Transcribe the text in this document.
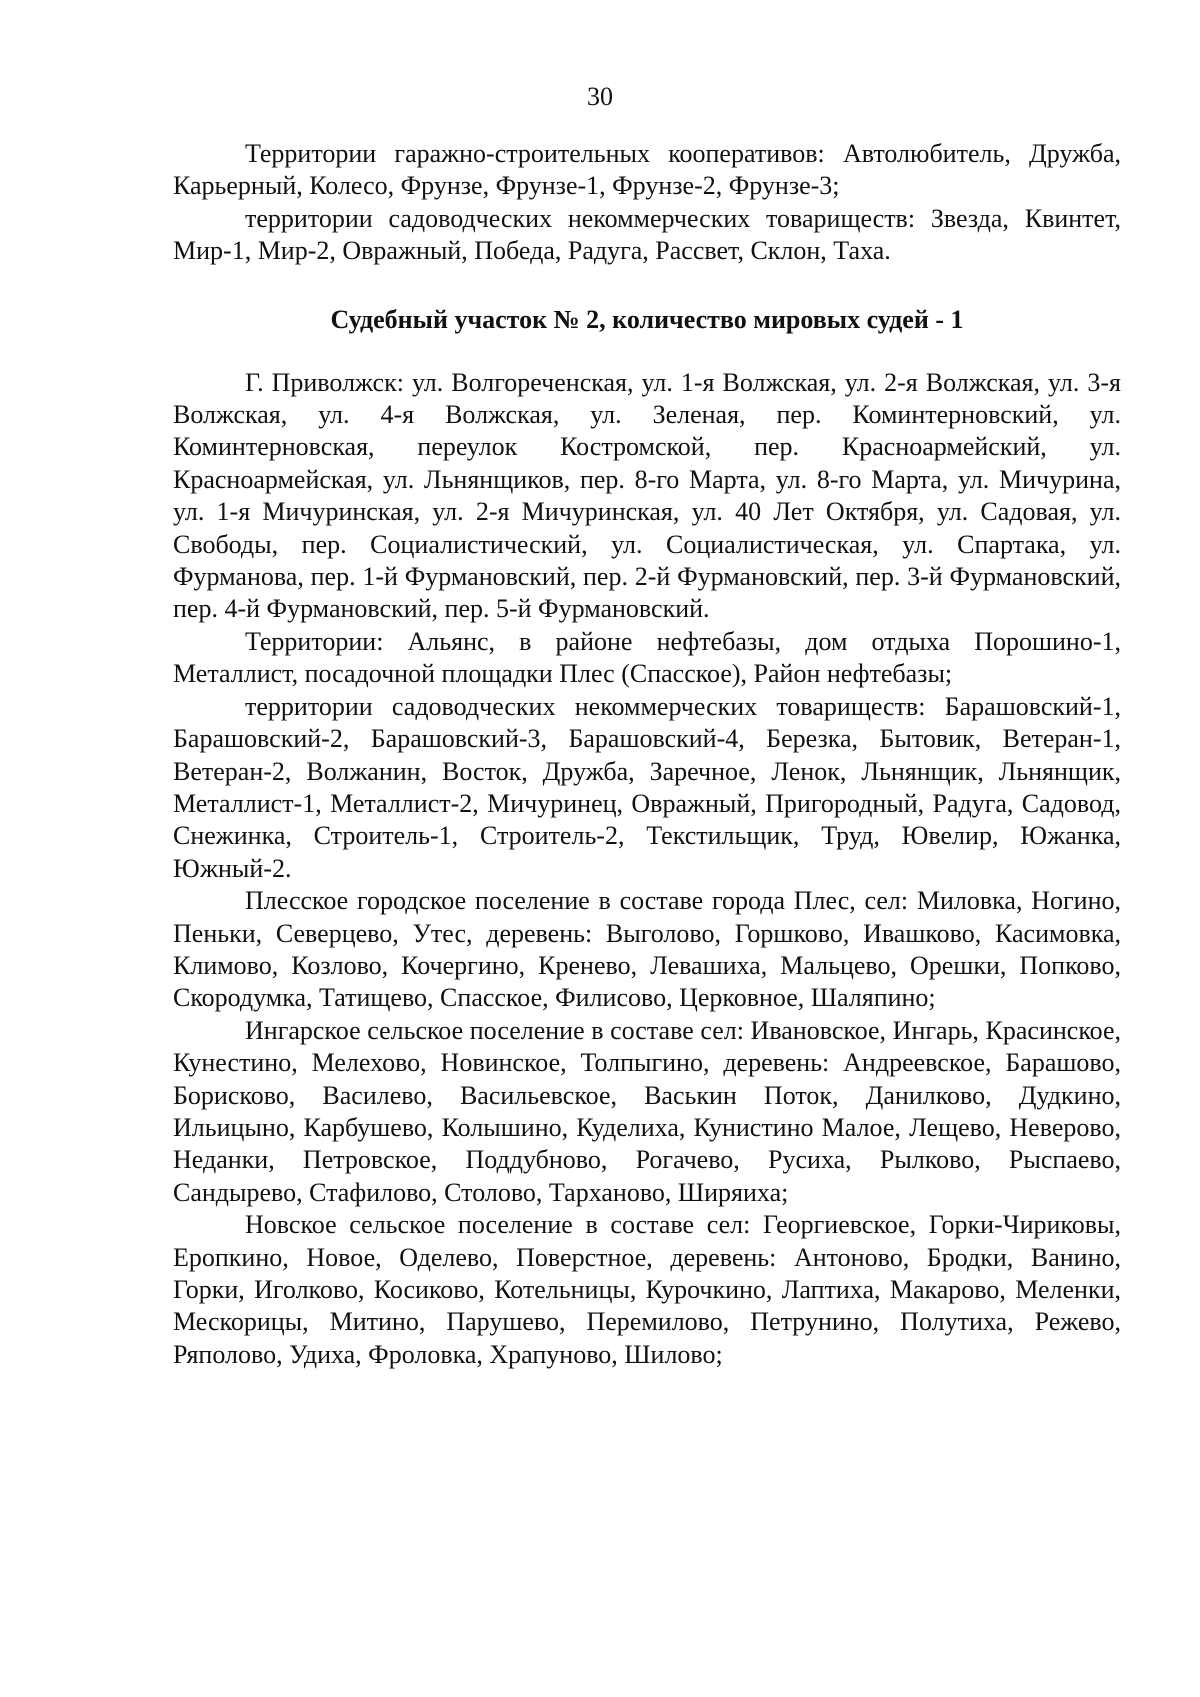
30

Территории гаражно-строительных кооперативов: Автолюбитель, Дружба, Карьерный, Колесо, Фрунзе, Фрунзе-1, Фрунзе-2, Фрунзе-3;

территории садоводческих некоммерческих товариществ: Звезда, Квинтет, Мир-1, Мир-2, Овражный, Победа, Радуга, Рассвет, Склон, Таха.

Судебный участок № 2, количество мировых судей - 1

Г. Приволжск: ул. Волгореченская, ул. 1-я Волжская, ул. 2-я Волжская, ул. 3-я Волжская, ул. 4-я Волжская, ул. Зеленая, пер. Коминтерновский, ул. Коминтерновская, переулок Костромской, пер. Красноармейский, ул. Красноармейская, ул. Льнянщиков, пер. 8-го Марта, ул. 8-го Марта, ул. Мичурина, ул. 1-я Мичуринская, ул. 2-я Мичуринская, ул. 40 Лет Октября, ул. Садовая, ул. Свободы, пер. Социалистический, ул. Социалистическая, ул. Спартака, ул. Фурманова, пер. 1-й Фурмановский, пер. 2-й Фурмановский, пер. 3-й Фурмановский, пер. 4-й Фурмановский, пер. 5-й Фурмановский.

Территории: Альянс, в районе нефтебазы, дом отдыха Порошино-1, Металлист, посадочной площадки Плес (Спасское), Район нефтебазы;

территории садоводческих некоммерческих товариществ: Барашовский-1, Барашовский-2, Барашовский-3, Барашовский-4, Березка, Бытовик, Ветеран-1, Ветеран-2, Волжанин, Восток, Дружба, Заречное, Ленок, Льнянщик, Льнянщик, Металлист-1, Металлист-2, Мичуринец, Овражный, Пригородный, Радуга, Садовод, Снежинка, Строитель-1, Строитель-2, Текстильщик, Труд, Ювелир, Южанка, Южный-2.

Плесское городское поселение в составе города Плес, сел: Миловка, Ногино, Пеньки, Северцево, Утес, деревень: Выголово, Горшково, Ивашково, Касимовка, Климово, Козлово, Кочергино, Кренево, Левашиха, Мальцево, Орешки, Попково, Скородумка, Татищево, Спасское, Филисово, Церковное, Шаляпино;

Ингарское сельское поселение в составе сел: Ивановское, Ингарь, Красинское, Кунестино, Мелехово, Новинское, Толпыгино, деревень: Андреевское, Барашово, Борисково, Василево, Васильевское, Васькин Поток, Данилково, Дудкино, Ильицыно, Карбушево, Колышино, Куделиха, Кунистино Малое, Лещево, Неверово, Неданки, Петровское, Поддубново, Рогачево, Русиха, Рылково, Рыспаево, Сандырево, Стафилово, Столово, Тарханово, Ширяиха;

Новское сельское поселение в составе сел: Георгиевское, Горки-Чириковы, Еропкино, Новое, Оделево, Поверстное, деревень: Антоново, Бродки, Ванино, Горки, Иголково, Косиково, Котельницы, Курочкино, Лаптиха, Макарово, Меленки, Мескорицы, Митино, Парушево, Перемилово, Петрунино, Полутиха, Режево, Ряполово, Удиха, Фроловка, Храпуново, Шилово;
